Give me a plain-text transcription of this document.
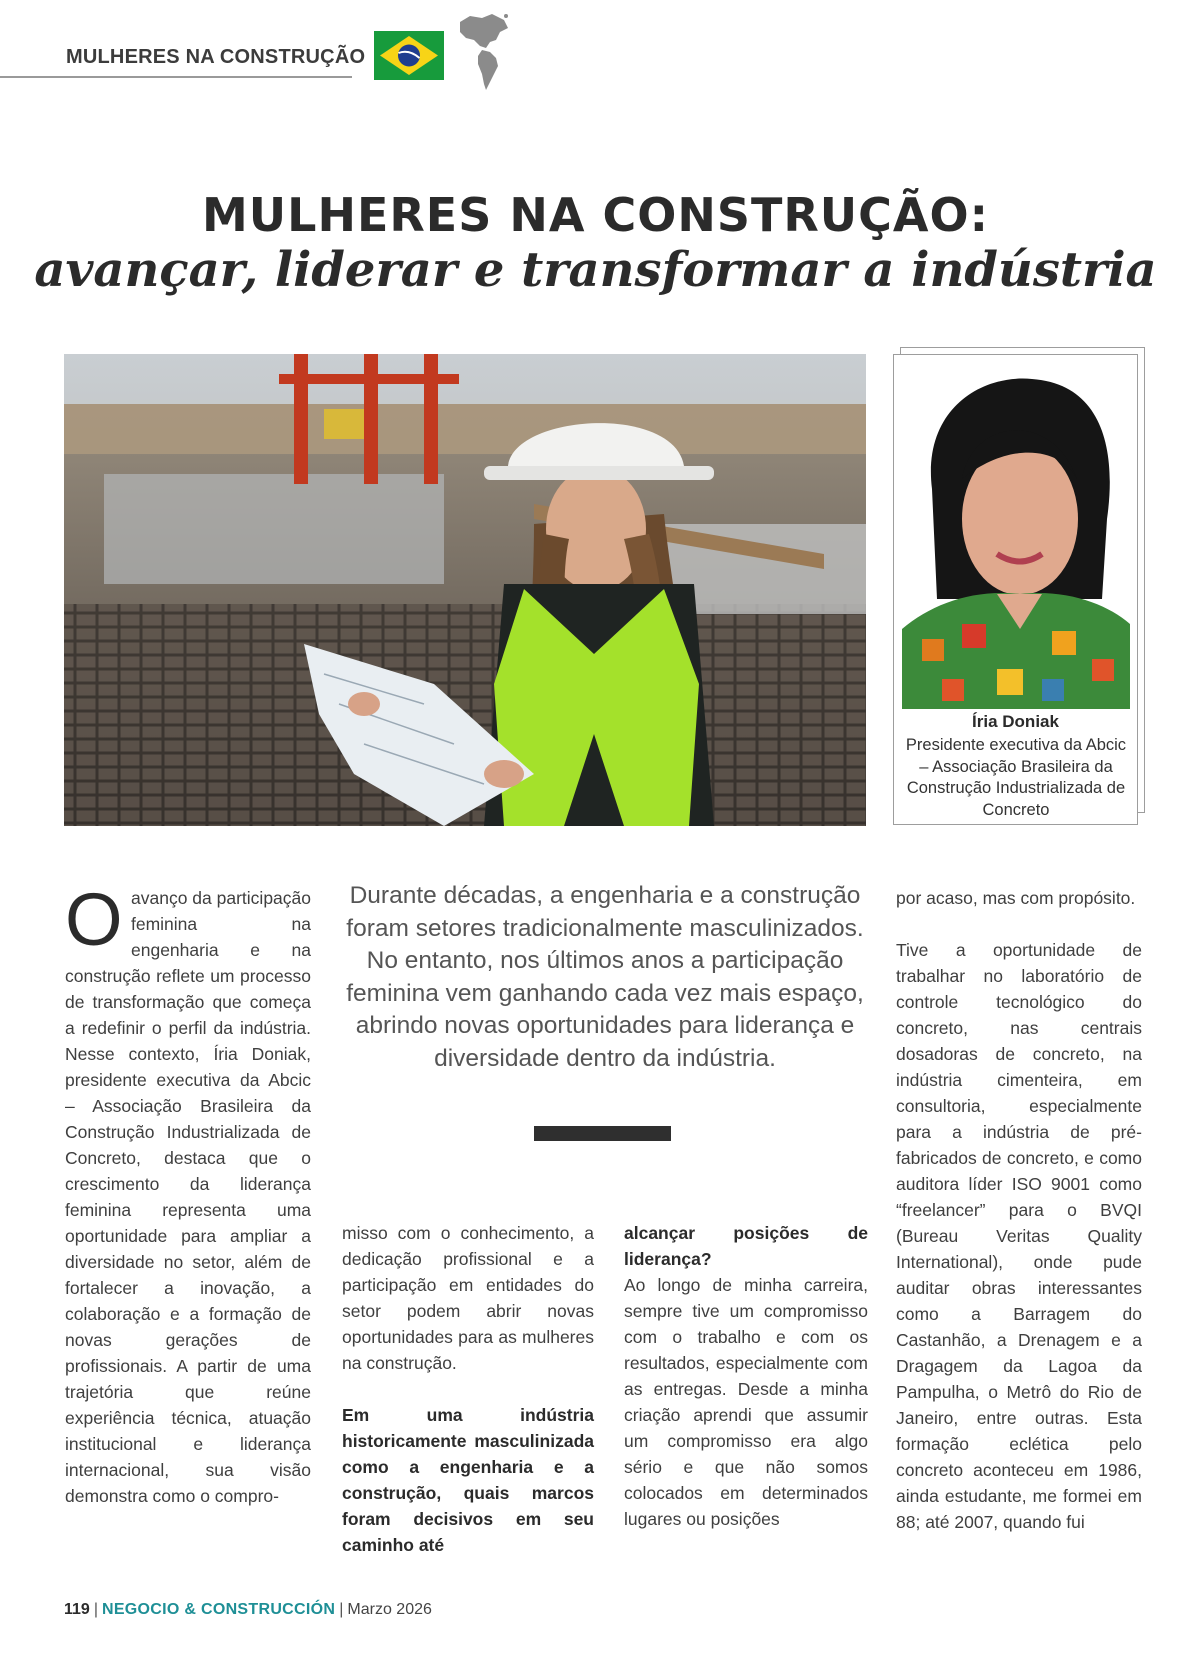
MULHERES NA CONSTRUÇÃO
MULHERES NA CONSTRUÇÃO:
avançar, liderar e transformar a indústria
Íria Doniak
Presidente executiva da Abcic – Associação Brasileira da Construção Industrializada de Concreto

Oavanço da participação feminina na engenharia e na construção reflete um processo de transformação que começa a redefinir o perfil da indústria. Nesse contexto, Íria Doniak, presidente executiva da Abcic – Associação Brasileira da Construção Industrializada de Concreto, destaca que o crescimento da liderança feminina representa uma oportunidade para ampliar a diversidade no setor, além de fortalecer a inovação, a colaboração e a formação de novas gerações de profissionais. A partir de uma trajetória que reúne experiência técnica, atuação institucional e liderança internacional, sua visão demonstra como o compro-

Durante décadas, a engenharia e a construção foram setores tradicionalmente masculinizados. No entanto, nos últimos anos a participação feminina vem ganhando cada vez mais espaço, abrindo novas oportunidades para liderança e diversidade dentro da indústria.

misso com o conhecimento, a dedicação profissional e a participação em entidades do setor podem abrir novas oportunidades para as mulheres na construção.

Em uma indústria historicamente masculinizada como a engenharia e a construção, quais marcos foram decisivos em seu caminho até

alcançar posições de liderança?

Ao longo de minha carreira, sempre tive um compromisso com o trabalho e com os resultados, especialmente com as entregas. Desde a minha criação aprendi que assumir um compromisso era algo sério e que não somos colocados em determinados lugares ou posições

por acaso, mas com propósito.

Tive a oportunidade de trabalhar no laboratório de controle tecnológico do concreto, nas centrais dosadoras de concreto, na indústria cimenteira, em consultoria, especialmente para a indústria de pré-fabricados de concreto, e como auditora líder ISO 9001 como “freelancer” para o BVQI (Bureau Veritas Quality International), onde pude auditar obras interessantes como a Barragem do Castanhão, a Drenagem e a Dragagem da Lagoa da Pampulha, o Metrô do Rio de Janeiro, entre outras. Esta formação eclética pelo concreto aconteceu em 1986, ainda estudante, me formei em 88; até 2007, quando fui

119 | NEGOCIO & CONSTRUCCIÓN | Marzo 2026
